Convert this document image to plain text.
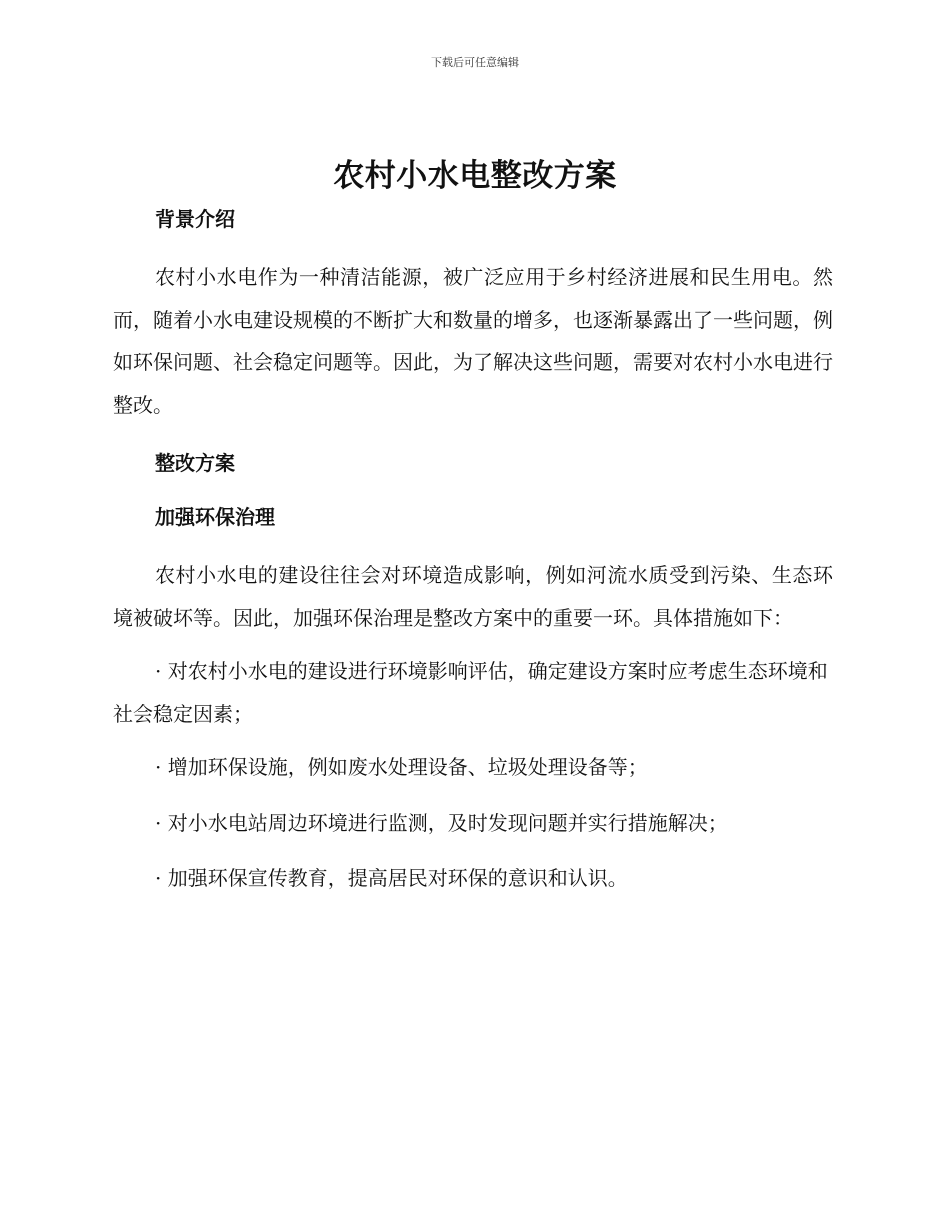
下载后可任意编辑
农村小水电整改方案
背景介绍

农村小水电作为一种清洁能源，被广泛应用于乡村经济进展和民生用电。然而，随着小水电建设规模的不断扩大和数量的增多，也逐渐暴露出了一些问题，例如环保问题、社会稳定问题等。因此，为了解决这些问题，需要对农村小水电进行整改。

整改方案
加强环保治理

农村小水电的建设往往会对环境造成影响，例如河流水质受到污染、生态环境被破坏等。因此，加强环保治理是整改方案中的重要一环。具体措施如下：

· 对农村小水电的建设进行环境影响评估，确定建设方案时应考虑生态环境和社会稳定因素；

· 增加环保设施，例如废水处理设备、垃圾处理设备等；

· 对小水电站周边环境进行监测，及时发现问题并实行措施解决；

· 加强环保宣传教育，提高居民对环保的意识和认识。
